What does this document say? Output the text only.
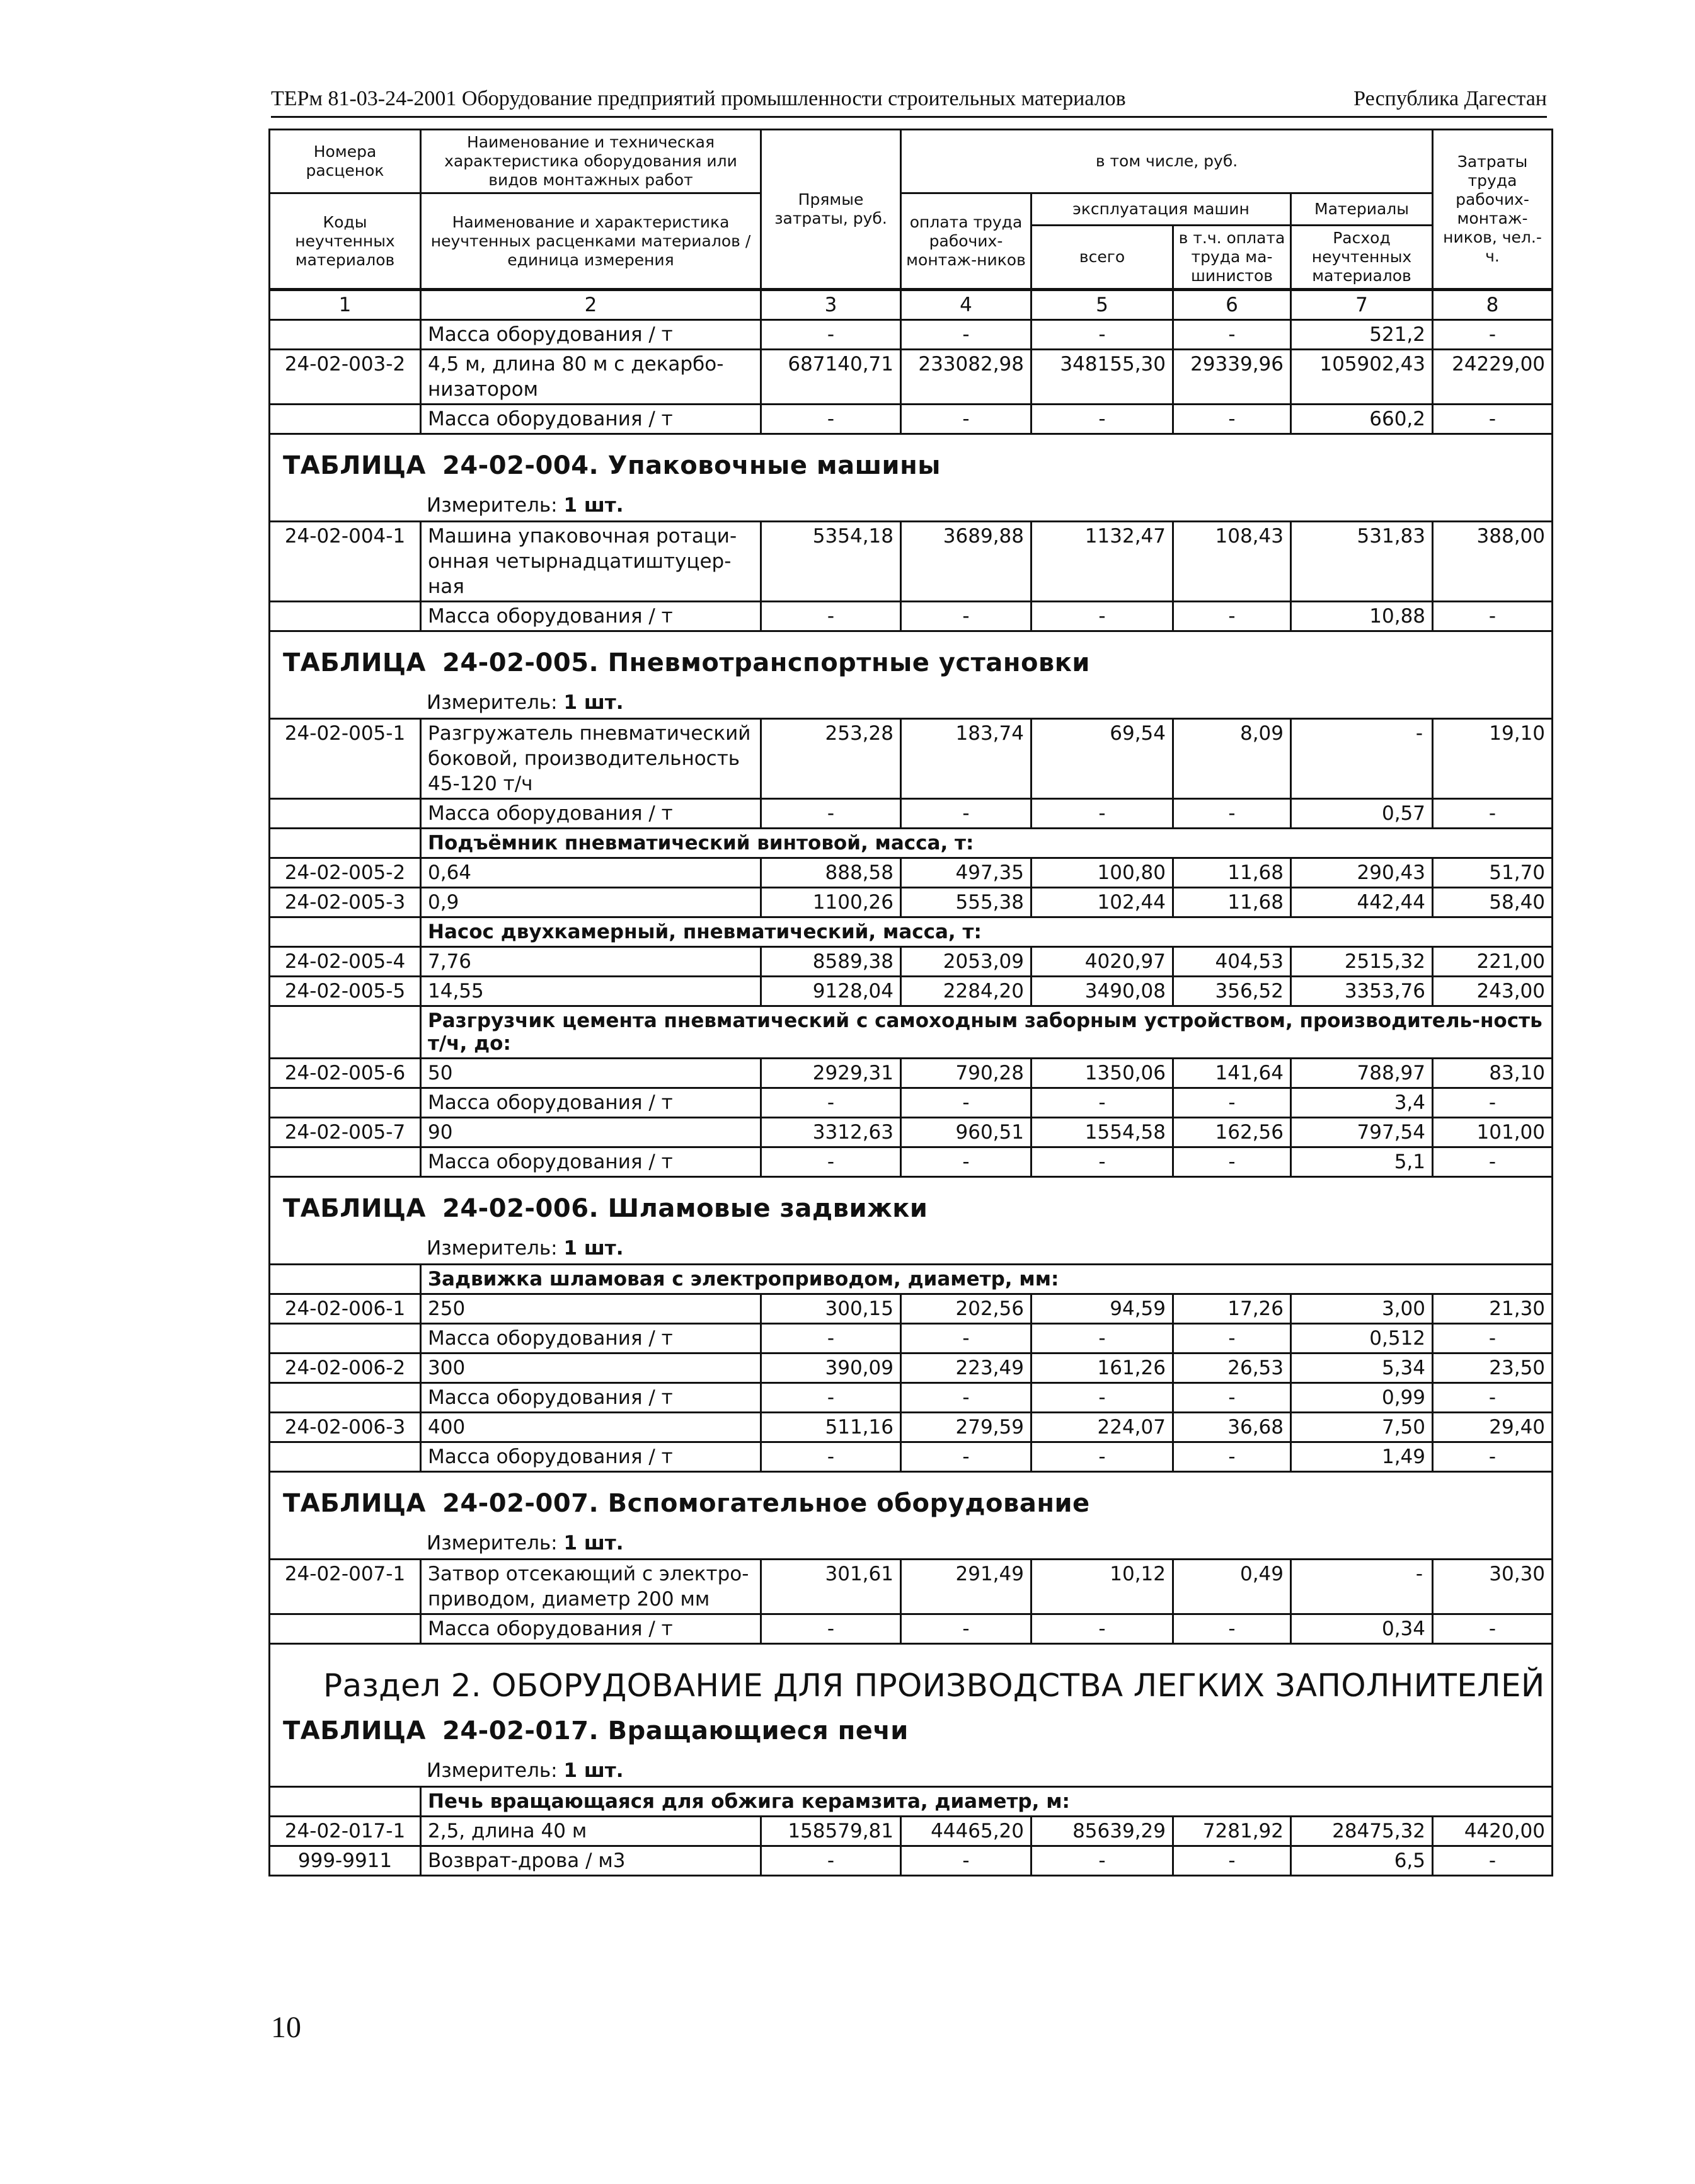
ТЕРм 81-03-24-2001 Оборудование предприятий промышленности строительных материалов	Республика Дагестан
Номера расценок	Наименование и техническая характеристика оборудования или видов монтажных работ	Прямые затраты, руб.	в том числе, руб.				Затраты труда рабочих-монтаж-ников, чел.-ч.
Коды неучтенных материалов	Наименование и характеристика неучтенных расценками материалов / единица измерения		оплата труда рабочих-монтаж-ников	эксплуатация машин		Материалы	
				всего	в т.ч. оплата труда ма-шинистов	Расход неучтенных материалов	
1	2	3	4	5	6	7	8
	Масса оборудования / т	-	-	-	-	521,2	-
24-02-003-2	4,5 м, длина 80 м с декарбо-низатором	687140,71	233082,98	348155,30	29339,96	105902,43	24229,00
	Масса оборудования / т	-	-	-	-	660,2	-

ТАБЛИЦА 24-02-004. Упаковочные машины
Измеритель: 1 шт.							

24-02-004-1	Машина упаковочная ротаци-онная четырнадцатиштуцер-ная	5354,18	3689,88	1132,47	108,43	531,83	388,00
	Масса оборудования / т	-	-	-	-	10,88	-

ТАБЛИЦА 24-02-005. Пневмотранспортные установки
Измеритель: 1 шт.							

24-02-005-1	Разгружатель пневматический боковой, производительность 45-120 т/ч	253,28	183,74	69,54	8,09	-	19,10
	Масса оборудования / т	-	-	-	-	0,57	-
	Подъёмник пневматический винтовой, масса, т:						
24-02-005-2	0,64	888,58	497,35	100,80	11,68	290,43	51,70
24-02-005-3	0,9	1100,26	555,38	102,44	11,68	442,44	58,40
	Насос двухкамерный, пневматический, масса, т:						
24-02-005-4	7,76	8589,38	2053,09	4020,97	404,53	2515,32	221,00
24-02-005-5	14,55	9128,04	2284,20	3490,08	356,52	3353,76	243,00
	Разгрузчик цемента пневматический с самоходным заборным устройством, производитель-ность т/ч, до:						
24-02-005-6	50	2929,31	790,28	1350,06	141,64	788,97	83,10
	Масса оборудования / т	-	-	-	-	3,4	-
24-02-005-7	90	3312,63	960,51	1554,58	162,56	797,54	101,00
	Масса оборудования / т	-	-	-	-	5,1	-

ТАБЛИЦА 24-02-006. Шламовые задвижки
Измеритель: 1 шт.							

	Задвижка шламовая с электроприводом, диаметр, мм:						
24-02-006-1	250	300,15	202,56	94,59	17,26	3,00	21,30
	Масса оборудования / т	-	-	-	-	0,512	-
24-02-006-2	300	390,09	223,49	161,26	26,53	5,34	23,50
	Масса оборудования / т	-	-	-	-	0,99	-
24-02-006-3	400	511,16	279,59	224,07	36,68	7,50	29,40
	Масса оборудования / т	-	-	-	-	1,49	-

ТАБЛИЦА 24-02-007. Вспомогательное оборудование
Измеритель: 1 шт.							

24-02-007-1	Затвор отсекающий с электро-приводом, диаметр 200 мм	301,61	291,49	10,12	0,49	-	30,30
	Масса оборудования / т	-	-	-	-	0,34	-

Раздел 2. ОБОРУДОВАНИЕ ДЛЯ ПРОИЗВОДСТВА ЛЕГКИХ ЗАПОЛНИТЕЛЕЙ
ТАБЛИЦА 24-02-017. Вращающиеся печи
Измеритель: 1 шт.							

	Печь вращающаяся для обжига керамзита, диаметр, м:						
24-02-017-1	2,5, длина 40 м	158579,81	44465,20	85639,29	7281,92	28475,32	4420,00
999-9911	Возврат-дрова / м3	-	-	-	-	6,5	-
10
